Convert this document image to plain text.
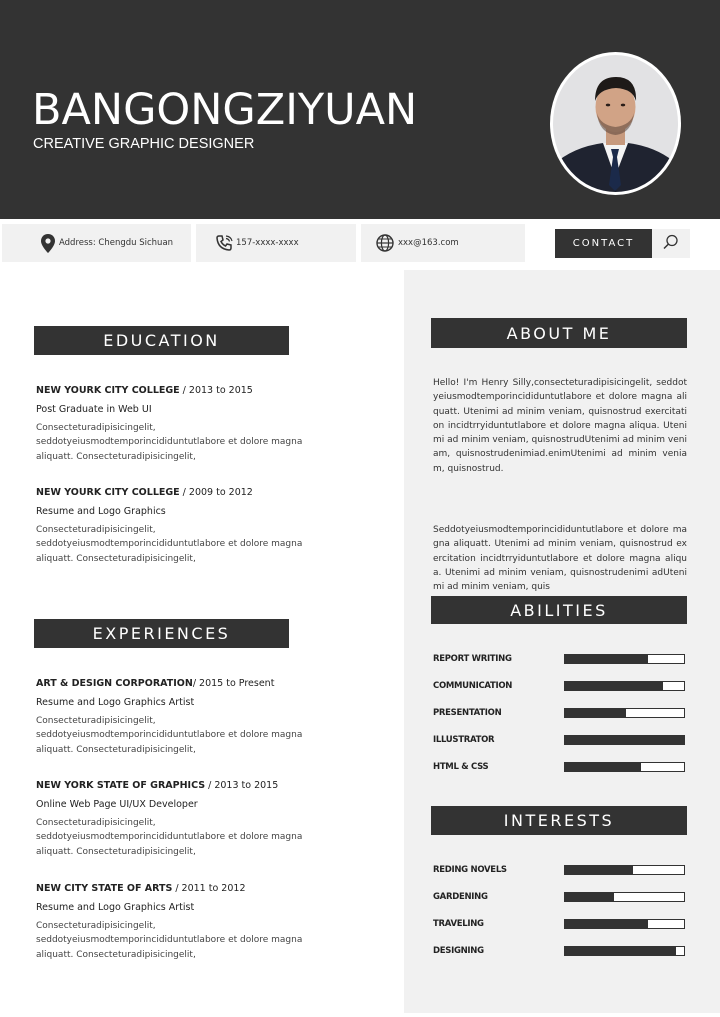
BANGONGZIYUAN
CREATIVE GRAPHIC DESIGNER
Address: Chengdu Sichuan	157-xxxx-xxxx	xxx@163.com	CONTACT
EDUCATION
NEW YOURK CITY COLLEGE / 2013 to 2015
Post Graduate in Web UI
Consecteturadipisicingelit, seddotyeiusmodtemporincididuntutlabore et dolore magna aliquatt. Consecteturadipisicingelit,
NEW YOURK CITY COLLEGE / 2009 to 2012
Resume and Logo Graphics
Consecteturadipisicingelit, seddotyeiusmodtemporincididuntutlabore et dolore magna aliquatt. Consecteturadipisicingelit,
EXPERIENCES
ART & DESIGN CORPORATION/ 2015 to Present
Resume and Logo Graphics Artist
Consecteturadipisicingelit, seddotyeiusmodtemporincididuntutlabore et dolore magna aliquatt. Consecteturadipisicingelit,
NEW YORK STATE OF GRAPHICS / 2013 to 2015
Online Web Page UI/UX Developer
Consecteturadipisicingelit, seddotyeiusmodtemporincididuntutlabore et dolore magna aliquatt. Consecteturadipisicingelit,
NEW CITY STATE OF ARTS / 2011 to 2012
Resume and Logo Graphics Artist
Consecteturadipisicingelit, seddotyeiusmodtemporincididuntutlabore et dolore magna aliquatt. Consecteturadipisicingelit,
ABOUT ME
Hello! I'm Henry Silly,consecteturadipisicingelit, seddotyeiusmodtemporincididuntutlabore et dolore magna aliquatt. Utenimi ad minim veniam, quisnostrud exercitation incidtrryiduntutlabore et dolore magna aliqua. Utenimi ad minim veniam, quisnostrudUtenimi ad minim veniam, quisnostrudenimiad.enimUtenimi ad minim veniam, quisnostrud.
Seddotyeiusmodtemporincididuntutlabore et dolore magna aliquatt. Utenimi ad minim veniam, quisnostrud exercitation incidtrryiduntutlabore et dolore magna aliqua. Utenimi ad minim veniam, quisnostrudenimi adUtenimi ad minim veniam, quis
ABILITIES
REPORT WRITING
COMMUNICATION
PRESENTATION
ILLUSTRATOR
HTML & CSS
INTERESTS
REDING NOVELS
GARDENING
TRAVELING
DESIGNING
